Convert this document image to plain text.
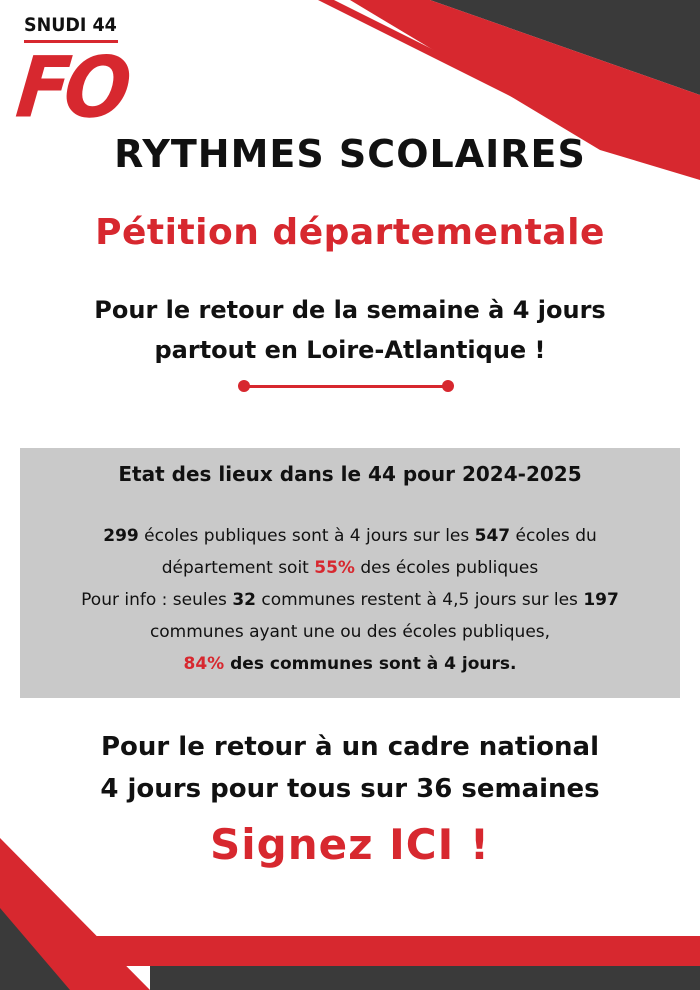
SNUDI 44
FO
RYTHMES SCOLAIRES
Pétition départementale
Pour le retour de la semaine à 4 jours
partout en Loire-Atlantique !
Etat des lieux dans le 44 pour 2024-2025
299 écoles publiques sont à 4 jours sur les 547 écoles du
département soit 55% des écoles publiques
Pour info : seules 32 communes restent à 4,5 jours sur les 197
communes ayant une ou des écoles publiques,
84% des communes sont à 4 jours.
Pour le retour à un cadre national
4 jours pour tous sur 36 semaines
Signez ICI !
